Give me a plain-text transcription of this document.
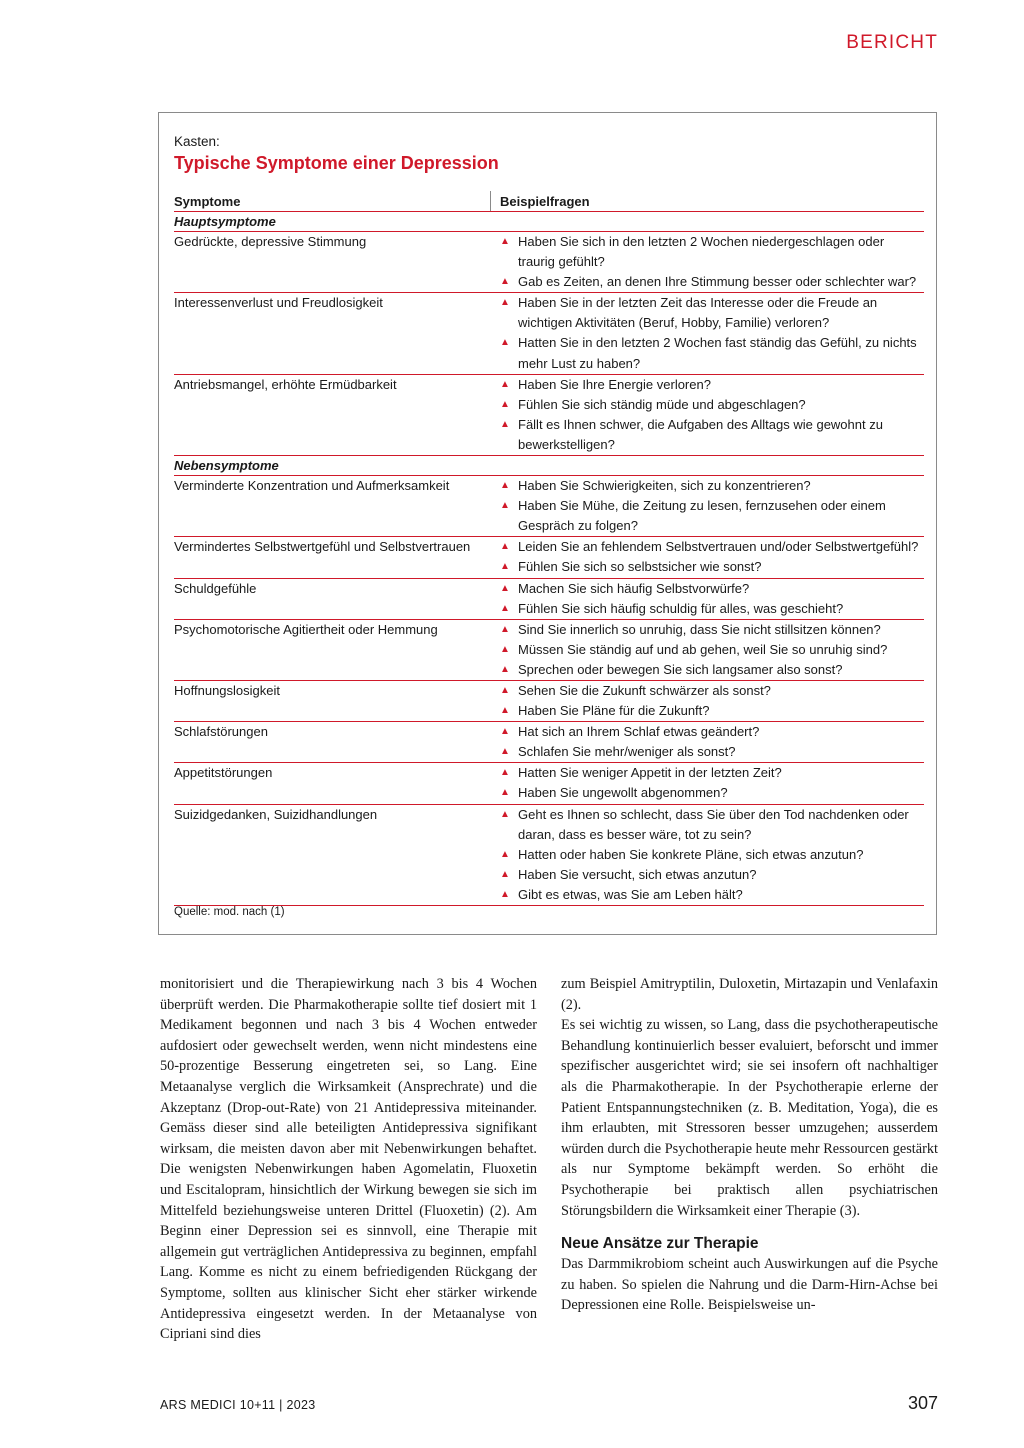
BERICHT
Kasten:
Typische Symptome einer Depression
Symptome	Beispielfragen
Hauptsymptome
Gedrückte, depressive Stimmung	▲ Haben Sie sich in den letzten 2 Wochen niedergeschlagen oder traurig gefühlt?
▲ Gab es Zeiten, an denen Ihre Stimmung besser oder schlechter war?
Interessenverlust und Freudlosigkeit	▲ Haben Sie in der letzten Zeit das Interesse oder die Freude an wichtigen Aktivitäten (Beruf, Hobby, Familie) verloren?
▲ Hatten Sie in den letzten 2 Wochen fast ständig das Gefühl, zu nichts mehr Lust zu haben?
Antriebsmangel, erhöhte Ermüdbarkeit	▲ Haben Sie Ihre Energie verloren?
▲ Fühlen Sie sich ständig müde und abgeschlagen?
▲ Fällt es Ihnen schwer, die Aufgaben des Alltags wie gewohnt zu bewerkstelligen?
Nebensymptome
Verminderte Konzentration und Aufmerksamkeit	▲ Haben Sie Schwierigkeiten, sich zu konzentrieren?
▲ Haben Sie Mühe, die Zeitung zu lesen, fernzusehen oder einem Gespräch zu folgen?
Vermindertes Selbstwertgefühl und Selbstvertrauen	▲ Leiden Sie an fehlendem Selbstvertrauen und/oder Selbstwertgefühl?
▲ Fühlen Sie sich so selbstsicher wie sonst?
Schuldgefühle	▲ Machen Sie sich häufig Selbstvorwürfe?
▲ Fühlen Sie sich häufig schuldig für alles, was geschieht?
Psychomotorische Agitiertheit oder Hemmung	▲ Sind Sie innerlich so unruhig, dass Sie nicht stillsitzen können?
▲ Müssen Sie ständig auf und ab gehen, weil Sie so unruhig sind?
▲ Sprechen oder bewegen Sie sich langsamer also sonst?
Hoffnungslosigkeit	▲ Sehen Sie die Zukunft schwärzer als sonst?
▲ Haben Sie Pläne für die Zukunft?
Schlafstörungen	▲ Hat sich an Ihrem Schlaf etwas geändert?
▲ Schlafen Sie mehr/weniger als sonst?
Appetitstörungen	▲ Hatten Sie weniger Appetit in der letzten Zeit?
▲ Haben Sie ungewollt abgenommen?
Suizidgedanken, Suizidhandlungen	▲ Geht es Ihnen so schlecht, dass Sie über den Tod nachdenken oder daran, dass es besser wäre, tot zu sein?
▲ Hatten oder haben Sie konkrete Pläne, sich etwas anzutun?
▲ Haben Sie versucht, sich etwas anzutun?
▲ Gibt es etwas, was Sie am Leben hält?
Quelle: mod. nach (1)

monitorisiert und die Therapiewirkung nach 3 bis 4 Wochen überprüft werden. Die Pharmakotherapie sollte tief dosiert mit 1 Medikament begonnen und nach 3 bis 4 Wochen entweder aufdosiert oder gewechselt werden, wenn nicht mindestens eine 50-prozentige Besserung eingetreten sei, so Lang. Eine Metaanalyse verglich die Wirksamkeit (Ansprechrate) und die Akzeptanz (Drop-out-Rate) von 21 Antidepressiva miteinander. Gemäss dieser sind alle beteiligten Antidepressiva signifikant wirksam, die meisten davon aber mit Nebenwirkungen behaftet. Die wenigsten Nebenwirkungen haben Agomelatin, Fluoxetin und Escitalopram, hinsichtlich der Wirkung bewegen sie sich im Mittelfeld beziehungsweise unteren Drittel (Fluoxetin) (2). Am Beginn einer Depression sei es sinnvoll, eine Therapie mit allgemein gut verträglichen Antidepressiva zu beginnen, empfahl Lang. Komme es nicht zu einem befriedigenden Rückgang der Symptome, sollten aus klinischer Sicht eher stärker wirkende Antidepressiva eingesetzt werden. In der Metaanalyse von Cipriani sind dies

zum Beispiel Amitryptilin, Duloxetin, Mirtazapin und Venlafaxin (2).

Es sei wichtig zu wissen, so Lang, dass die psychotherapeutische Behandlung kontinuierlich besser evaluiert, beforscht und immer spezifischer ausgerichtet wird; sie sei insofern oft nachhaltiger als die Pharmakotherapie. In der Psychotherapie erlerne der Patient Entspannungstechniken (z. B. Meditation, Yoga), die es ihm erlaubten, mit Stressoren besser umzugehen; ausserdem würden durch die Psychotherapie heute mehr Ressourcen gestärkt als nur Symptome bekämpft werden. So erhöht die Psychotherapie bei praktisch allen psychiatrischen Störungsbildern die Wirksamkeit einer Therapie (3).

Neue Ansätze zur Therapie

Das Darmmikrobiom scheint auch Auswirkungen auf die Psyche zu haben. So spielen die Nahrung und die Darm-Hirn-Achse bei Depressionen eine Rolle. Beispielsweise un-

ARS MEDICI 10+11 | 2023	307
